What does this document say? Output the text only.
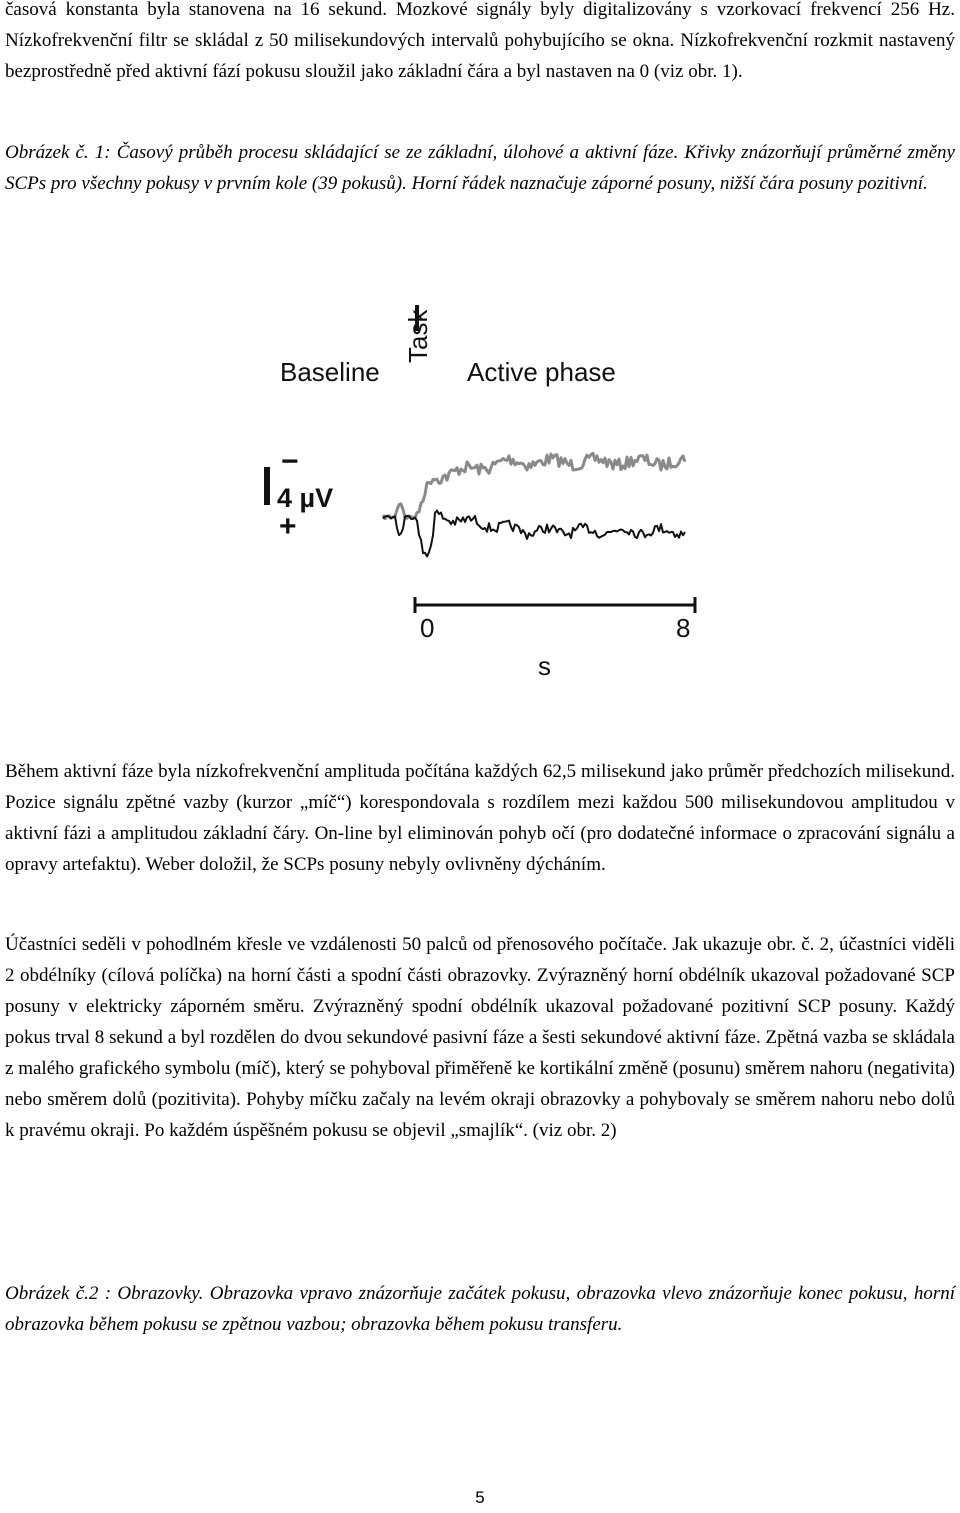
časová konstanta byla stanovena na 16 sekund. Mozkové signály byly digitalizovány s vzorkovací frekvencí 256 Hz. Nízkofrekvenční filtr se skládal z 50 milisekundových intervalů pohybujícího se okna. Nízkofrekvenční rozkmit nastavený bezprostředně před aktivní fází pokusu sloužil jako základní čára a byl nastaven na 0 (viz obr. 1).

Obrázek č. 1: Časový průběh procesu skládající se ze základní, úlohové a aktivní fáze. Křivky znázorňují průměrné změny SCPs pro všechny pokusy v prvním kole (39 pokusů). Horní řádek naznačuje záporné posuny, nižší čára posuny pozitivní.

Task
Baseline	Active phase
−
4 µV
+
0	8
s

Během aktivní fáze byla nízkofrekvenční amplituda počítána každých 62,5 milisekund jako průměr předchozích milisekund. Pozice signálu zpětné vazby (kurzor „míč“) korespondovala s rozdílem mezi každou 500 milisekundovou amplitudou v aktivní fázi a amplitudou základní čáry. On-line byl eliminován pohyb očí (pro dodatečné informace o zpracování signálu a opravy artefaktu). Weber doložil, že SCPs posuny nebyly ovlivněny dýcháním.

Účastníci seděli v pohodlném křesle ve vzdálenosti 50 palců od přenosového počítače. Jak ukazuje obr. č. 2, účastníci viděli 2 obdélníky (cílová políčka) na horní části a spodní části obrazovky. Zvýrazněný horní obdélník ukazoval požadované SCP posuny v elektricky záporném směru. Zvýrazněný spodní obdélník ukazoval požadované pozitivní SCP posuny. Každý pokus trval 8 sekund a byl rozdělen do dvou sekundové pasivní fáze a šesti sekundové aktivní fáze. Zpětná vazba se skládala z malého grafického symbolu (míč), který se pohyboval přiměřeně ke kortikální změně (posunu) směrem nahoru (negativita) nebo směrem dolů (pozitivita). Pohyby míčku začaly na levém okraji obrazovky a pohybovaly se směrem nahoru nebo dolů k pravému okraji. Po každém úspěšném pokusu se objevil „smajlík“. (viz obr. 2)

Obrázek č.2 : Obrazovky. Obrazovka vpravo znázorňuje začátek pokusu, obrazovka vlevo znázorňuje konec pokusu, horní obrazovka během pokusu se zpětnou vazbou; obrazovka během pokusu transferu.

5
